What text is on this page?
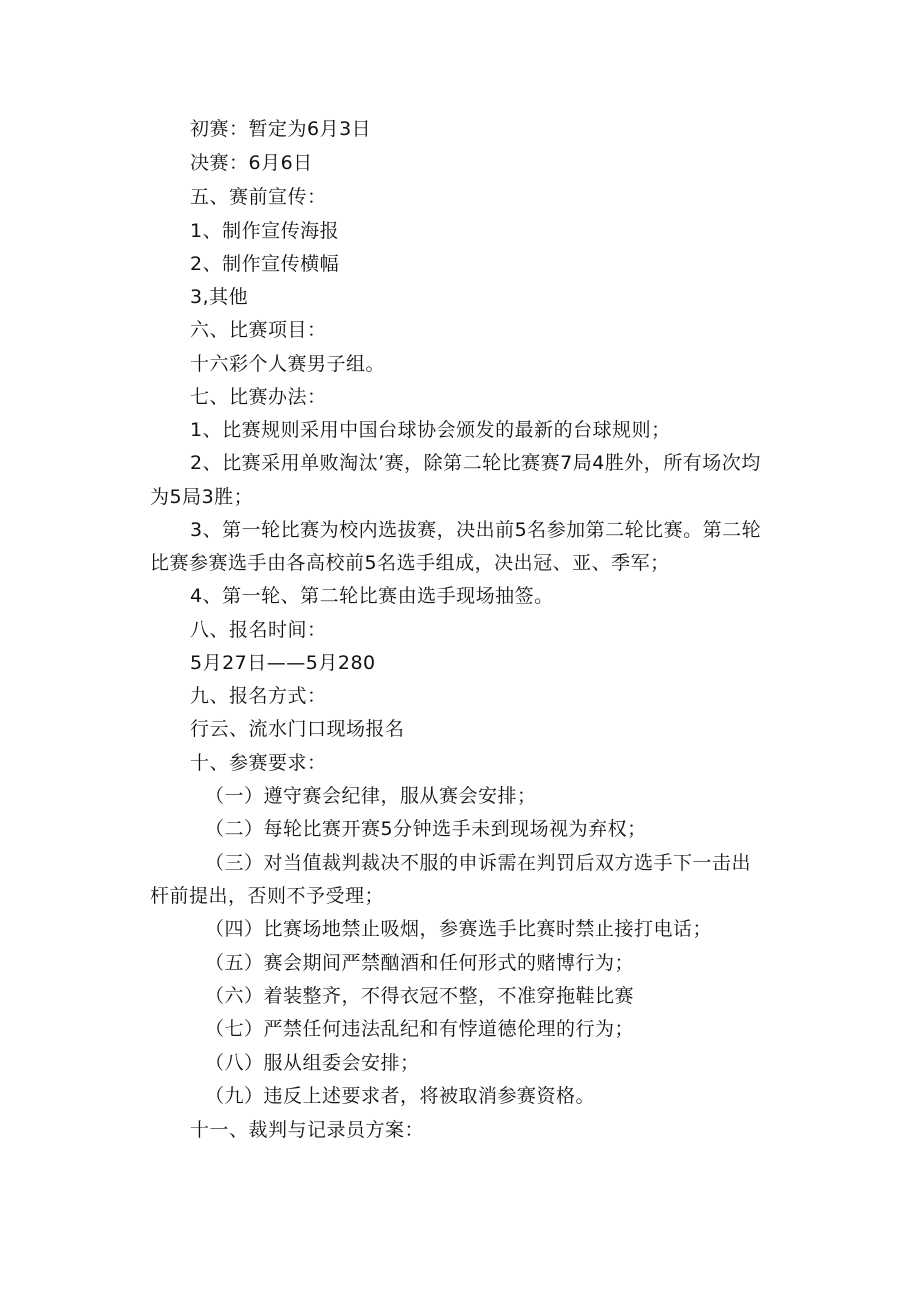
初赛：暂定为6月3日
决赛：6月6日
五、赛前宣传：
1、制作宣传海报
2、制作宣传横幅
3,其他
六、比赛项目：
十六彩个人赛男子组。
七、比赛办法：
1、比赛规则采用中国台球协会颁发的最新的台球规则；
2、比赛采用单败淘汰’赛，除第二轮比赛赛7局4胜外，所有场次均
为5局3胜；
3、第一轮比赛为校内选拔赛，决出前5名参加第二轮比赛。第二轮
比赛参赛选手由各高校前5名选手组成，决出冠、亚、季军；
4、第一轮、第二轮比赛由选手现场抽签。
八、报名时间：
5月27日——5月280
九、报名方式：
行云、流水门口现场报名
十、参赛要求：
（一）遵守赛会纪律，服从赛会安排；
（二）每轮比赛开赛5分钟选手未到现场视为弃权；
（三）对当值裁判裁决不服的申诉需在判罚后双方选手下一击出
杆前提出，否则不予受理；
（四）比赛场地禁止吸烟，参赛选手比赛时禁止接打电话；
（五）赛会期间严禁酗酒和任何形式的赌博行为；
（六）着装整齐，不得衣冠不整，不准穿拖鞋比赛
（七）严禁任何违法乱纪和有悖道德伦理的行为；
（八）服从组委会安排；
（九）违反上述要求者，将被取消参赛资格。
十一、裁判与记录员方案：
